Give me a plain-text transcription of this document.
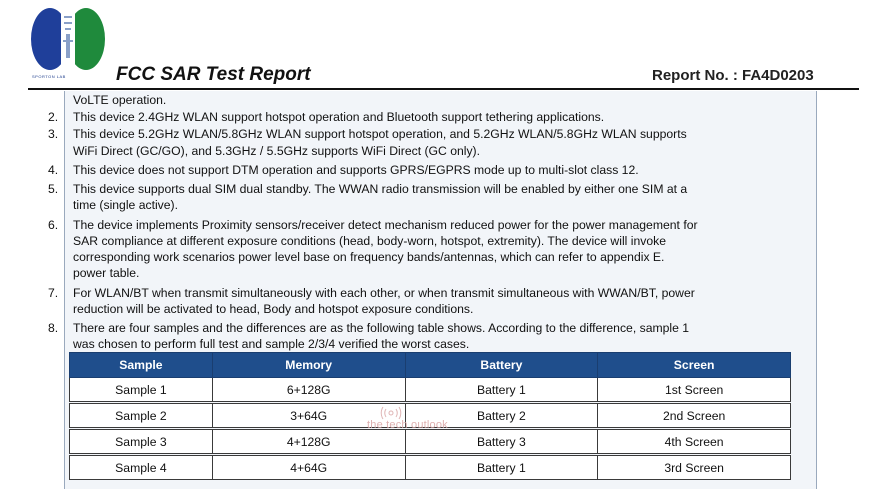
SPORTON LAB	FCC SAR Test Report	Report No. : FA4D0203
VoLTE operation.
2. This device 2.4GHz WLAN support hotspot operation and Bluetooth support tethering applications.
3. This device 5.2GHz WLAN/5.8GHz WLAN support hotspot operation, and 5.2GHz WLAN/5.8GHz WLAN supports
WiFi Direct (GC/GO), and 5.3GHz / 5.5GHz supports WiFi Direct (GC only).
4. This device does not support DTM operation and supports GPRS/EGPRS mode up to multi-slot class 12.
5. This device supports dual SIM dual standby. The WWAN radio transmission will be enabled by either one SIM at a
time (single active).
6. The device implements Proximity sensors/receiver detect mechanism reduced power for the power management for
SAR compliance at different exposure conditions (head, body-worn, hotspot, extremity). The device will invoke
corresponding work scenarios power level base on frequency bands/antennas, which can refer to appendix E.
power table.
7. For WLAN/BT when transmit simultaneously with each other, or when transmit simultaneous with WWAN/BT, power
reduction will be activated to head, Body and hotspot exposure conditions.
8. There are four samples and the differences are as the following table shows. According to the difference, sample 1
was chosen to perform full test and sample 2/3/4 verified the worst cases.
Sample	Memory	Battery	Screen
Sample 1	6+128G	Battery 1	1st Screen

Sample 2	3+64G	Battery 2	2nd Screen

Sample 3	4+128G	Battery 3	4th Screen

Sample 4	4+64G	Battery 1	3rd Screen
the tech outlook
